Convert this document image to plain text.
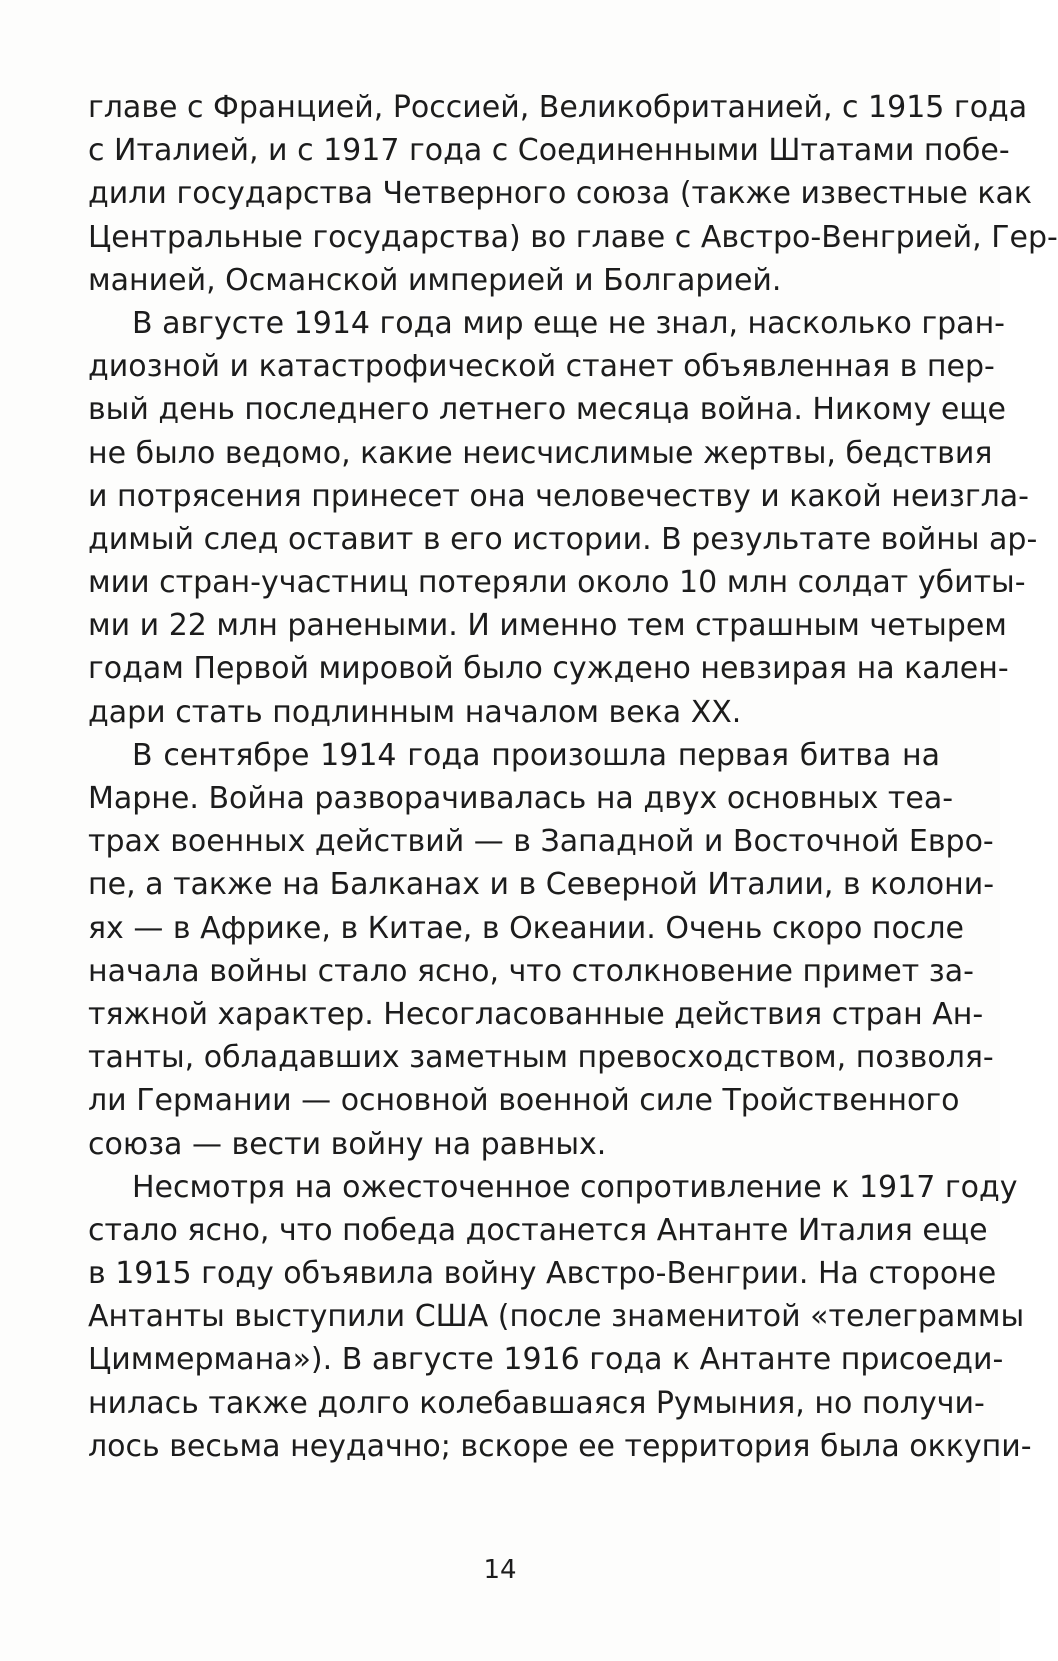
главе с Францией, Россией, Великобританией, с 1915 года
с Италией, и с 1917 года с Соединенными Штатами побе-
дили государства Четверного союза (также известные как
Центральные государства) во главе с Австро-Венгрией, Гер-
манией, Османской империей и Болгарией.
В августе 1914 года мир еще не знал, насколько гран-
диозной и катастрофической станет объявленная в пер-
вый день последнего летнего месяца война. Никому еще
не было ведомо, какие неисчислимые жертвы, бедствия
и потрясения принесет она человечеству и какой неизгла-
димый след оставит в его истории. В результате войны ар-
мии стран-участниц потеряли около 10 млн солдат убиты-
ми и 22 млн ранеными. И именно тем страшным четырем
годам Первой мировой было суждено невзирая на кален-
дари стать подлинным началом века XX.
В сентябре 1914 года произошла первая битва на
Марне. Война разворачивалась на двух основных теа-
трах военных действий — в Западной и Восточной Евро-
пе, а также на Балканах и в Северной Италии, в колони-
ях — в Африке, в Китае, в Океании. Очень скоро после
начала войны стало ясно, что столкновение примет за-
тяжной характер. Несогласованные действия стран Ан-
танты, обладавших заметным превосходством, позволя-
ли Германии — основной военной силе Тройственного
союза — вести войну на равных.
Несмотря на ожесточенное сопротивление к 1917 году
стало ясно, что победа достанется Антанте Италия еще
в 1915 году объявила войну Австро-Венгрии. На стороне
Антанты выступили США (после знаменитой «телеграммы
Циммермана»). В августе 1916 года к Антанте присоеди-
нилась также долго колебавшаяся Румыния, но получи-
лось весьма неудачно; вскоре ее территория была оккупи-
14
